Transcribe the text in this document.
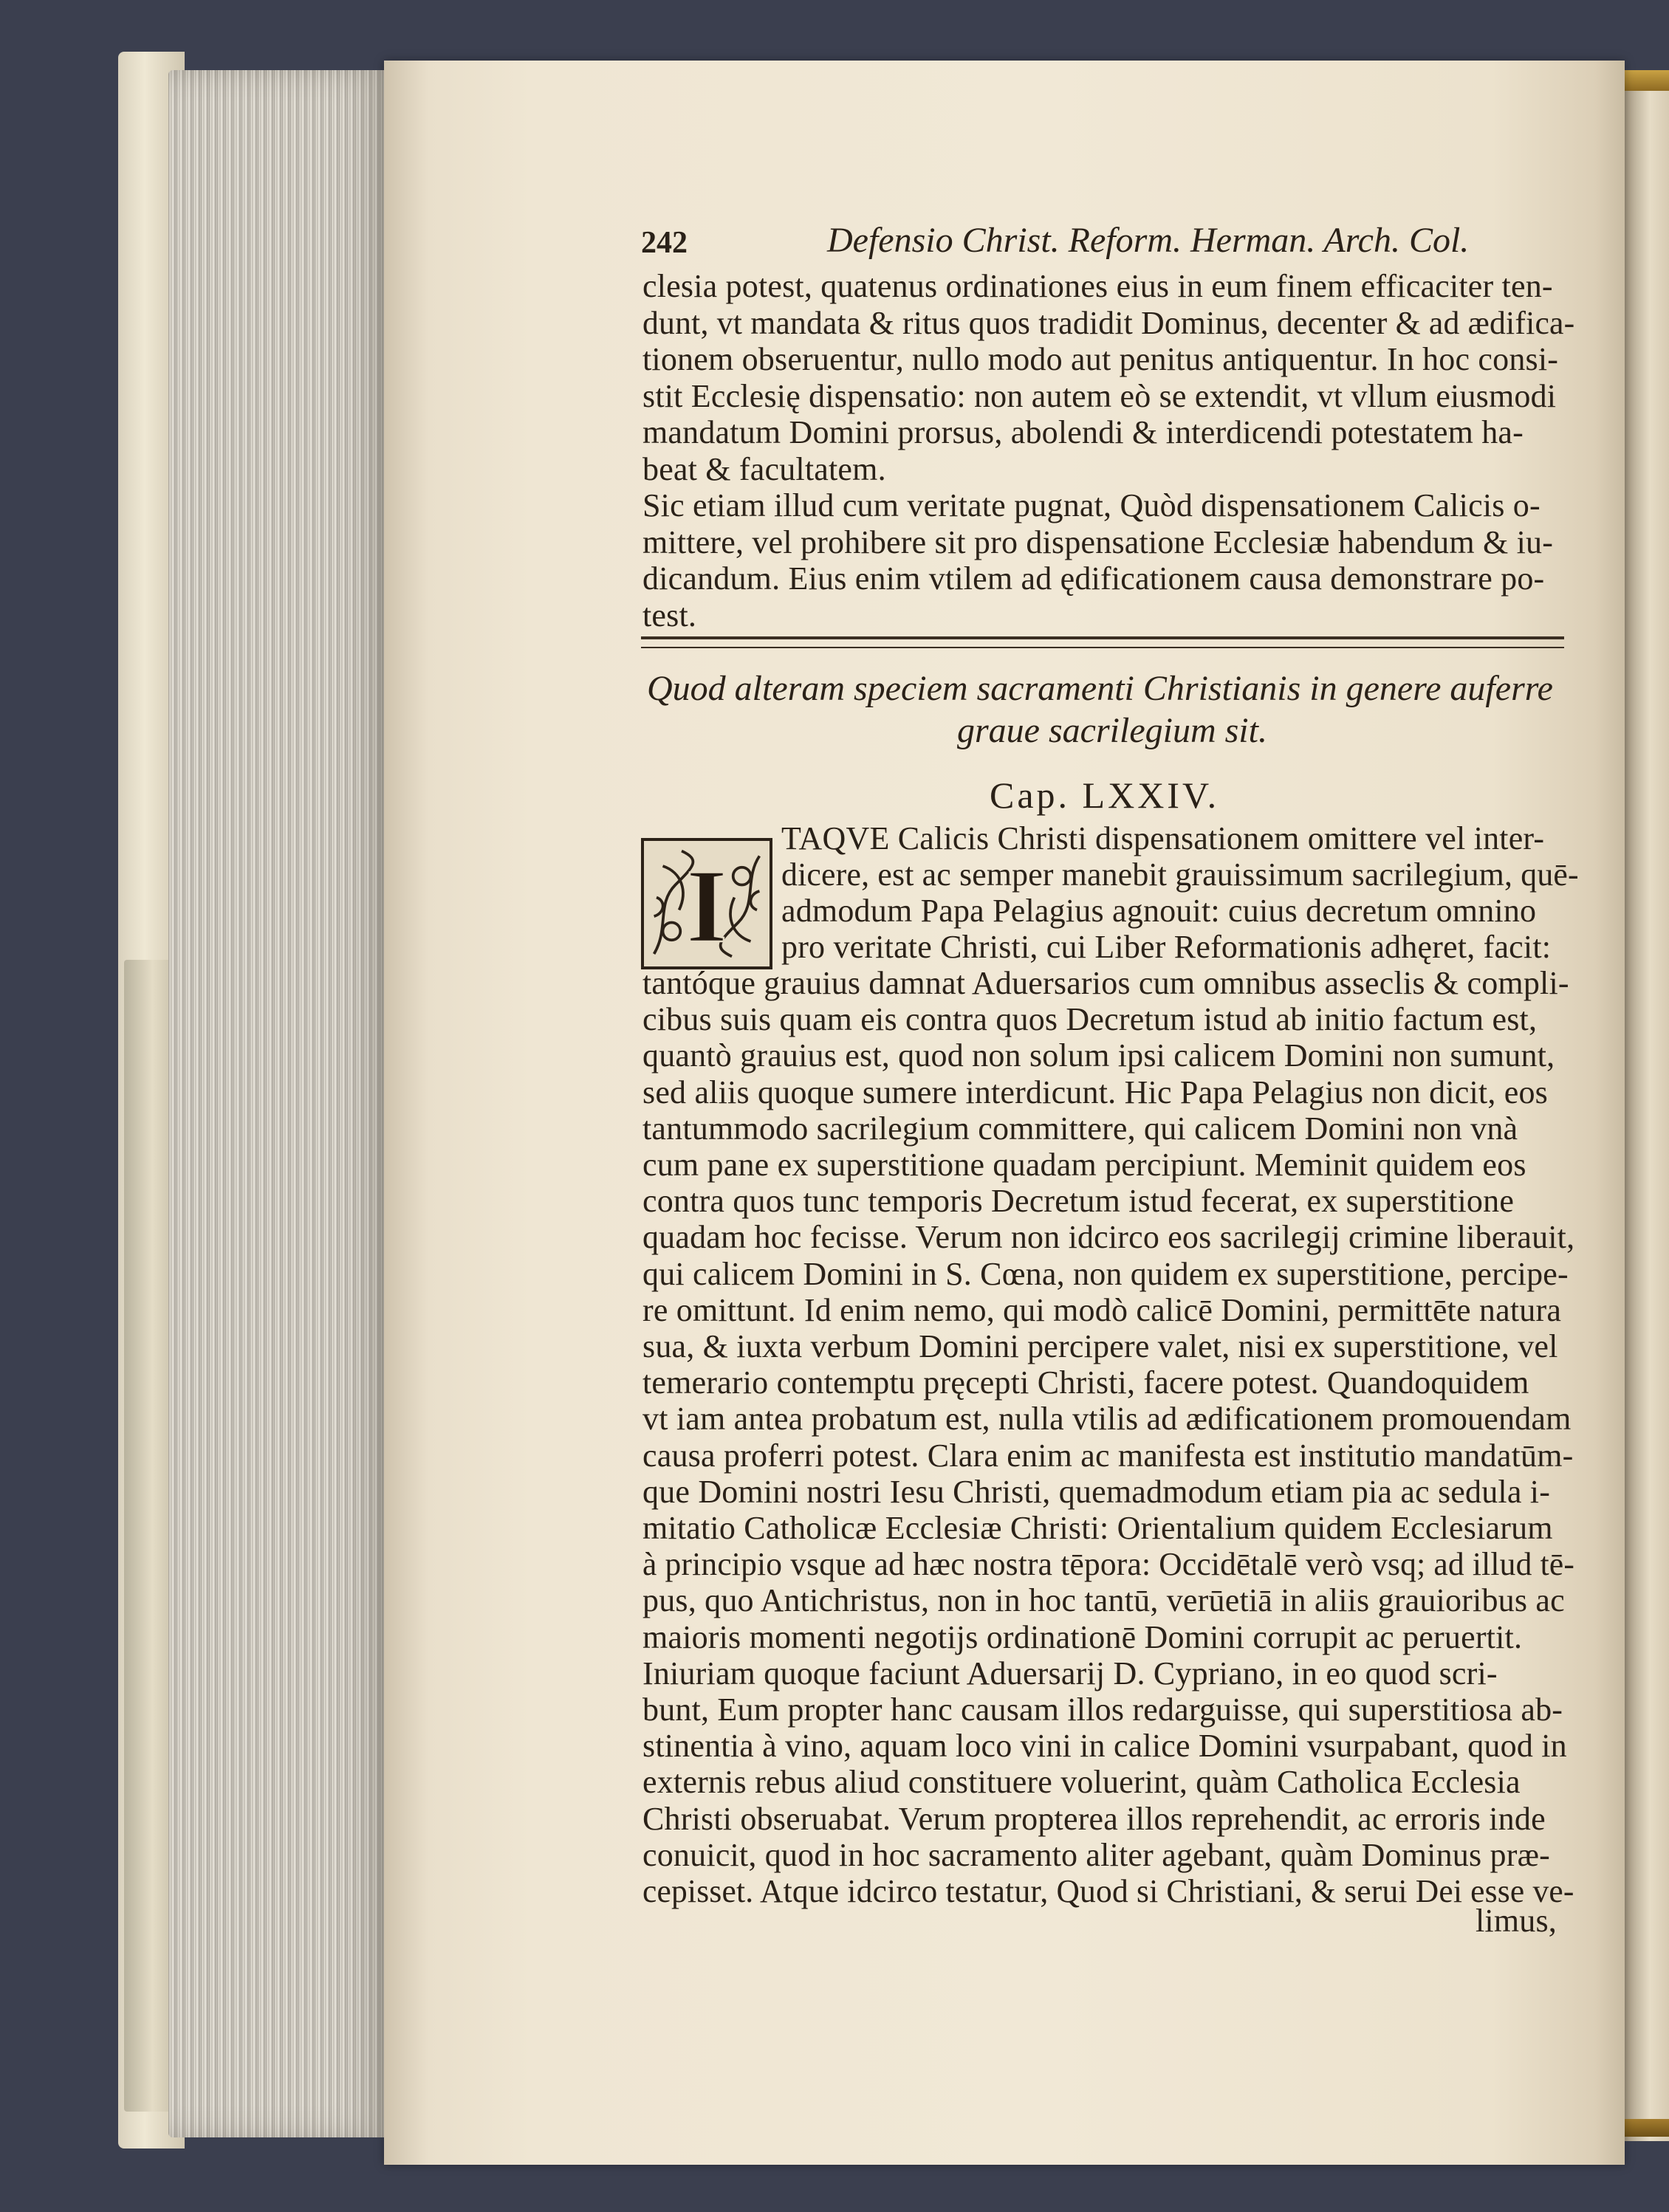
242	Defensio Christ. Reform. Herman. Arch. Col.
clesia potest, quatenus ordinationes eius in eum finem efficaciter ten-
dunt, vt mandata & ritus quos tradidit Dominus, decenter & ad ædifica-
tionem obseruentur, nullo modo aut penitus antiquentur. In hoc consi-
stit Ecclesię dispensatio: non autem eò se extendit, vt vllum eiusmodi
mandatum Domini prorsus, abolendi & interdicendi potestatem ha-
beat & facultatem.
Sic etiam illud cum veritate pugnat, Quòd dispensationem Calicis o-
mittere, vel prohibere sit pro dispensatione Ecclesiæ habendum & iu-
dicandum. Eius enim vtilem ad ędificationem causa demonstrare po-
test.
Quod alteram speciem sacramenti Christianis in genere auferre
graue sacrilegium sit.
Cap. LXXIV.
I
TAQVE Calicis Christi dispensationem omittere vel inter-
dicere, est ac semper manebit grauissimum sacrilegium, quē-
admodum Papa Pelagius agnouit: cuius decretum omnino
pro veritate Christi, cui Liber Reformationis adhęret, facit:
tantóque grauius damnat Aduersarios cum omnibus asseclis & compli-
cibus suis quam eis contra quos Decretum istud ab initio factum est,
quantò grauius est, quod non solum ipsi calicem Domini non sumunt,
sed aliis quoque sumere interdicunt. Hic Papa Pelagius non dicit, eos
tantummodo sacrilegium committere, qui calicem Domini non vnà
cum pane ex superstitione quadam percipiunt. Meminit quidem eos
contra quos tunc temporis Decretum istud fecerat, ex superstitione
quadam hoc fecisse. Verum non idcirco eos sacrilegij crimine liberauit,
qui calicem Domini in S. Cœna, non quidem ex superstitione, percipe-
re omittunt. Id enim nemo, qui modò calicē Domini, permittēte natura
sua, & iuxta verbum Domini percipere valet, nisi ex superstitione, vel
temerario contemptu pręcepti Christi, facere potest. Quandoquidem
vt iam antea probatum est, nulla vtilis ad ædificationem promouendam
causa proferri potest. Clara enim ac manifesta est institutio mandatūm-
que Domini nostri Iesu Christi, quemadmodum etiam pia ac sedula i-
mitatio Catholicæ Ecclesiæ Christi: Orientalium quidem Ecclesiarum
à principio vsque ad hæc nostra tēpora: Occidētalē verò vsq; ad illud tē-
pus, quo Antichristus, non in hoc tantū, verūetiā in aliis grauioribus ac
maioris momenti negotijs ordinationē Domini corrupit ac peruertit.
Iniuriam quoque faciunt Aduersarij D. Cypriano, in eo quod scri-
bunt, Eum propter hanc causam illos redarguisse, qui superstitiosa ab-
stinentia à vino, aquam loco vini in calice Domini vsurpabant, quod in
externis rebus aliud constituere voluerint, quàm Catholica Ecclesia
Christi obseruabat. Verum propterea illos reprehendit, ac erroris inde
conuicit, quod in hoc sacramento aliter agebant, quàm Dominus præ-
cepisset. Atque idcirco testatur, Quod si Christiani, & serui Dei esse ve-
limus,
